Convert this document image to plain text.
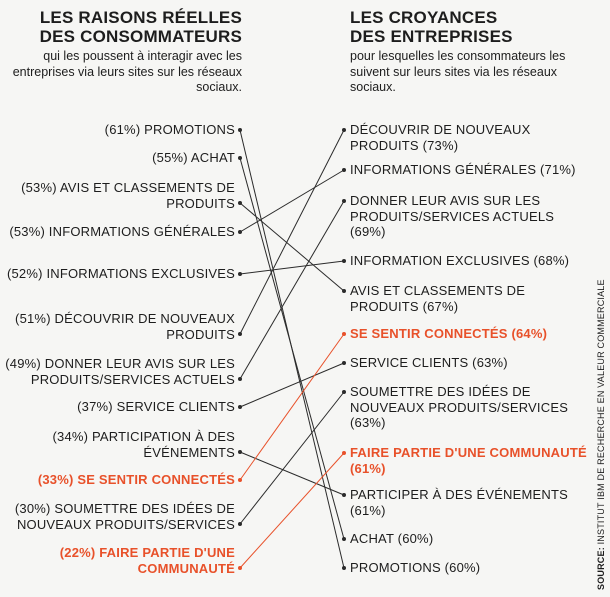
LES RAISONS RÉELLES
DES CONSOMMATEURS
qui les poussent à interagir avec les entreprises via leurs sites sur les réseaux sociaux.
LES CROYANCES
DES ENTREPRISES
pour lesquelles les consommateurs les suivent sur leurs sites via les réseaux sociaux.
(61%) PROMOTIONS
(55%) ACHAT
(53%) AVIS ET CLASSEMENTS DE PRODUITS
(53%) INFORMATIONS GÉNÉRALES
(52%) INFORMATIONS EXCLUSIVES
(51%) DÉCOUVRIR DE NOUVEAUX PRODUITS
(49%) DONNER LEUR AVIS SUR LES PRODUITS/SERVICES ACTUELS
(37%) SERVICE CLIENTS
(34%) PARTICIPATION À DES ÉVÉNEMENTS
(33%) SE SENTIR CONNECTÉS
(30%) SOUMETTRE DES IDÉES DE NOUVEAUX PRODUITS/SERVICES
(22%) FAIRE PARTIE D'UNE COMMUNAUTÉ
DÉCOUVRIR DE NOUVEAUX PRODUITS (73%)
INFORMATIONS GÉNÉRALES (71%)
DONNER LEUR AVIS SUR LES PRODUITS/SERVICES ACTUELS (69%)
INFORMATION EXCLUSIVES (68%)
AVIS ET CLASSEMENTS DE PRODUITS (67%)
SE SENTIR CONNECTÉS (64%)
SERVICE CLIENTS (63%)
SOUMETTRE DES IDÉES DE NOUVEAUX PRODUITS/SERVICES (63%)
FAIRE PARTIE D'UNE COMMUNAUTÉ (61%)
PARTICIPER À DES ÉVÉNEMENTS (61%)
ACHAT (60%)
PROMOTIONS (60%)	SOURCE: INSTITUT IBM DE RECHERCHE EN VALEUR COMMERCIALE
